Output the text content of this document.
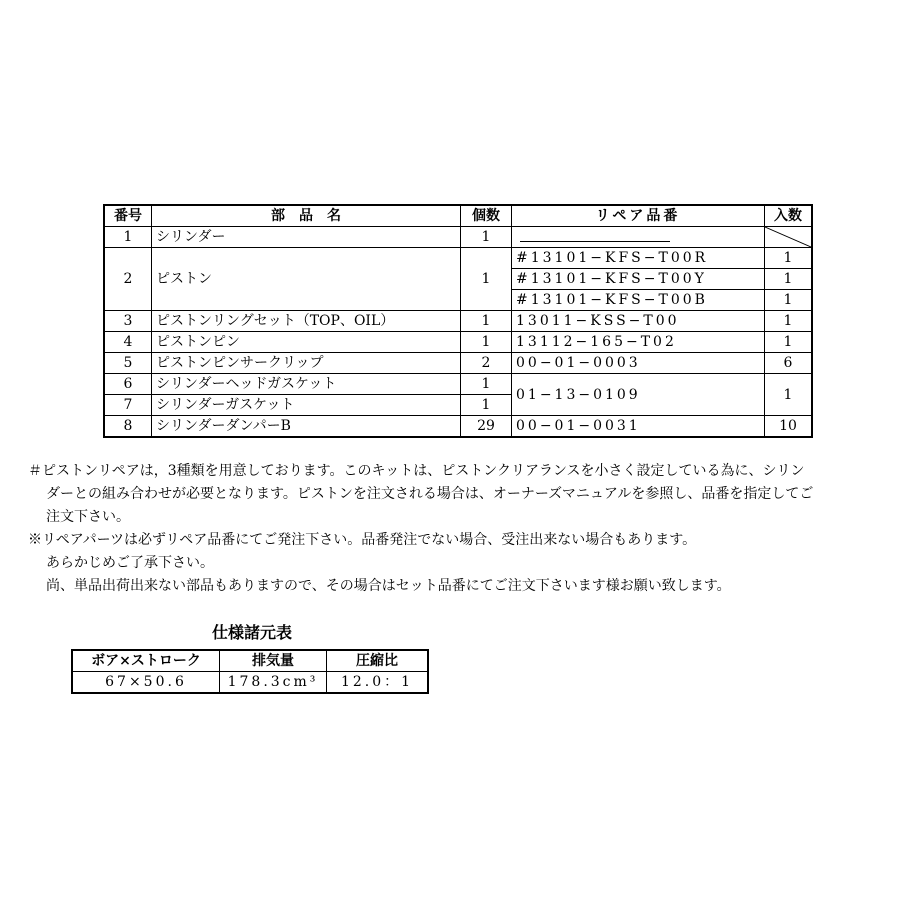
番号	部　品　名	個数	リペア品番	入数
1	シリンダー	1	

2	ピストン	1	#13101−KFS−T00R	1
			#13101−KFS−T00Y	1
			#13101−KFS−T00B	1
3	ピストンリングセット（TOP、OIL）	1	13011−KSS−T00	1
4	ピストンピン	1	13112−165−T02	1
5	ピストンピンサークリップ	2	00−01−0003	6
6	シリンダーヘッドガスケット	1	01−13−0109	1
7	シリンダーガスケット	1		
8	シリンダーダンパーB	29	00−01−0031	10

＃ピストンリペアは，3種類を用意しております。このキットは、ピストンクリアランスを小さく設定している為に、シリン

ダーとの組み合わせが必要となります。ピストンを注文される場合は、オーナーズマニュアルを参照し、品番を指定してご

注文下さい。

※リペアパーツは必ずリペア品番にてご発注下さい。品番発注でない場合、受注出来ない場合もあります。

あらかじめご了承下さい。

尚、単品出荷出来ない部品もありますので、その場合はセット品番にてご注文下さいます様お願い致します。

仕様諸元表
ボア×ストローク	排気量	圧縮比
67×50.6	178.3cm³	12.0：1
